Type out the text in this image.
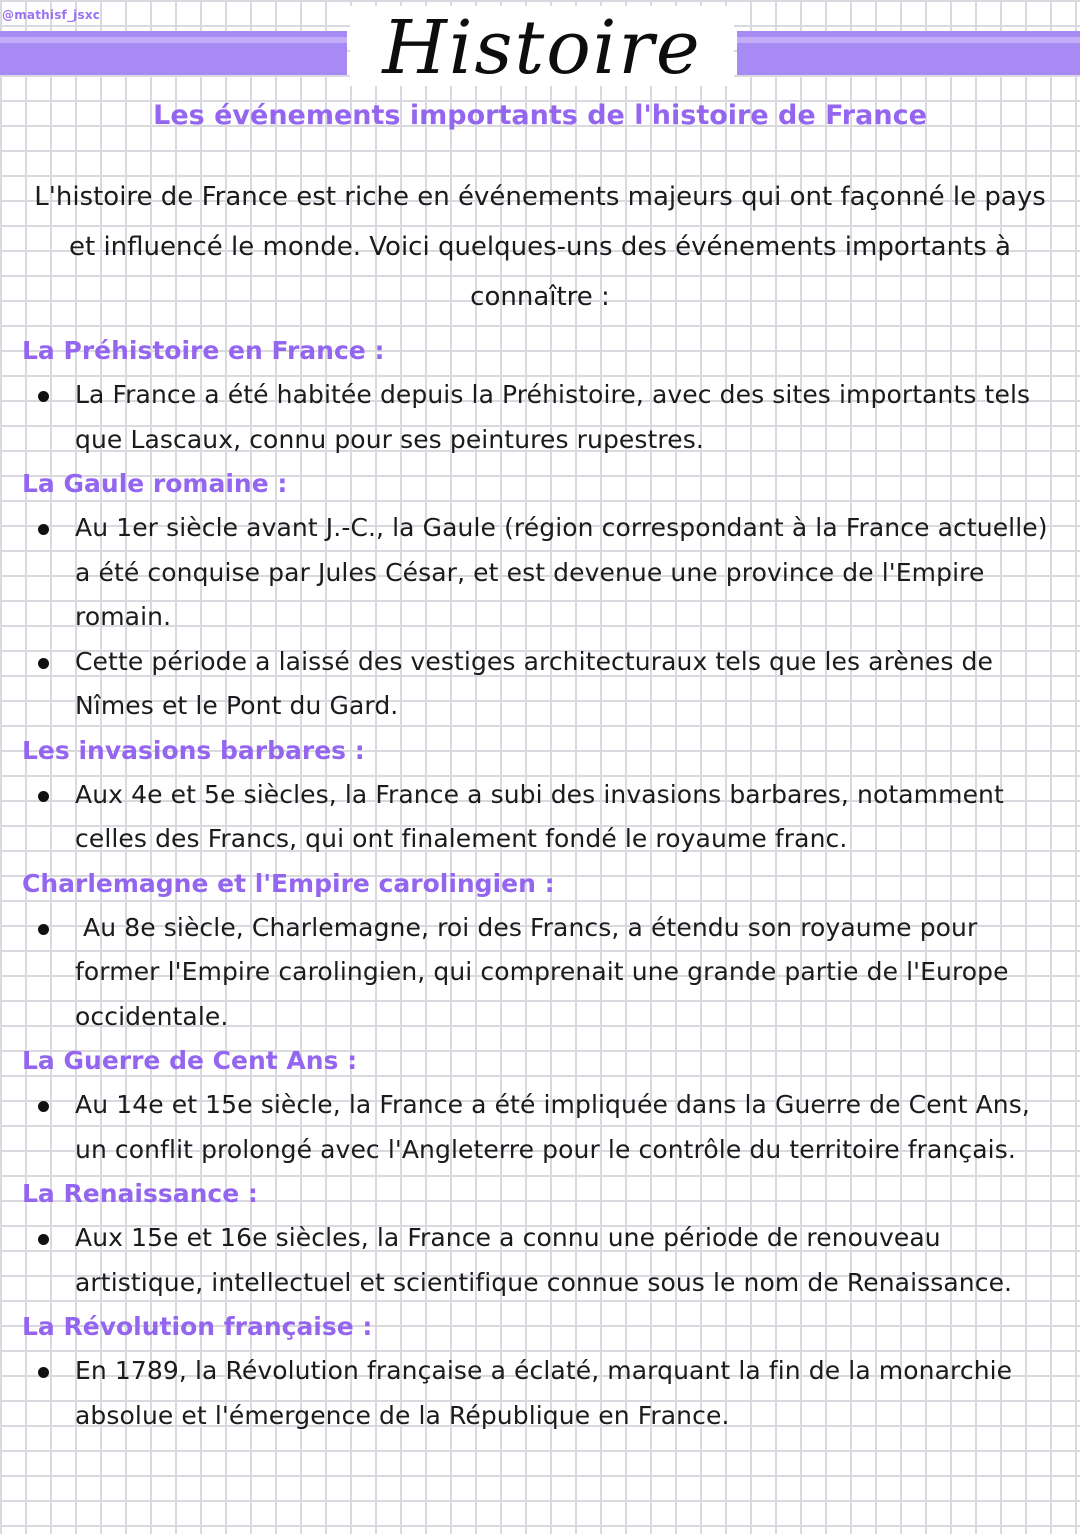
@mathisf_jsxc	Histoire
Les événements importants de l'histoire de France

L'histoire de France est riche en événements majeurs qui ont façonné le pays et influencé le monde. Voici quelques-uns des événements importants à connaître :

La Préhistoire en France :
La France a été habitée depuis la Préhistoire, avec des sites importants tels que Lascaux, connu pour ses peintures rupestres.
La Gaule romaine :
Au 1er siècle avant J.-C., la Gaule (région correspondant à la France actuelle) a été conquise par Jules César, et est devenue une province de l'Empire romain.
Cette période a laissé des vestiges architecturaux tels que les arènes de Nîmes et le Pont du Gard.
Les invasions barbares :
Aux 4e et 5e siècles, la France a subi des invasions barbares, notamment celles des Francs, qui ont finalement fondé le royaume franc.
Charlemagne et l'Empire carolingien :
Au 8e siècle, Charlemagne, roi des Francs, a étendu son royaume pour former l'Empire carolingien, qui comprenait une grande partie de l'Europe occidentale.
La Guerre de Cent Ans :
Au 14e et 15e siècle, la France a été impliquée dans la Guerre de Cent Ans, un conflit prolongé avec l'Angleterre pour le contrôle du territoire français.
La Renaissance :
Aux 15e et 16e siècles, la France a connu une période de renouveau artistique, intellectuel et scientifique connue sous le nom de Renaissance.
La Révolution française :
En 1789, la Révolution française a éclaté, marquant la fin de la monarchie absolue et l'émergence de la République en France.
